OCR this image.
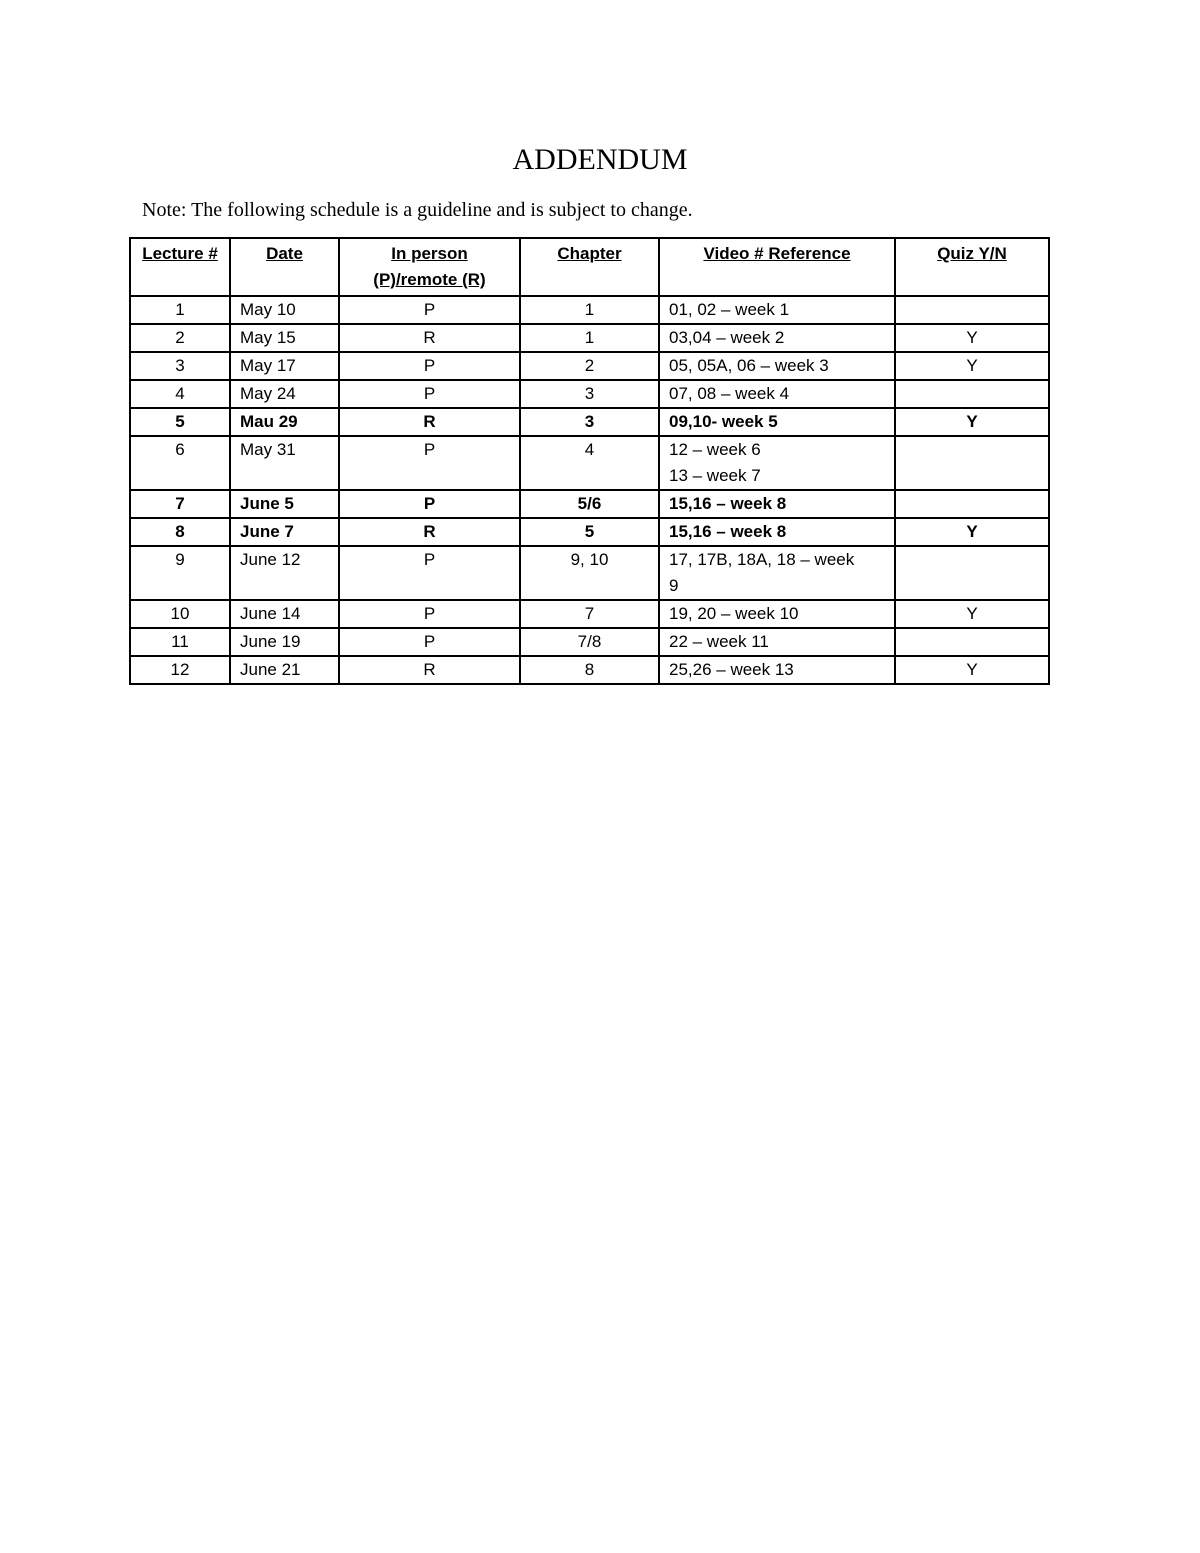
ADDENDUM
Note: The following schedule is a guideline and is subject to change.
Lecture #	Date	In person (P)/remote (R)	Chapter	Video # Reference	Quiz Y/N
1	May 10	P	1	01, 02 – week 1	

2	May 15	R	1	03,04 – week 2	Y
3	May 17	P	2	05, 05A, 06 – week 3	Y
4	May 24	P	3	07, 08 – week 4	

5	Mau 29	R	3	09,10- week 5	Y
6	May 31	P	4	12 – week 6
13 – week 7	

7	June 5	P	5/6	15,16 – week 8	

8	June 7	R	5	15,16 – week 8	Y
9	June 12	P	9, 10	17, 17B, 18A, 18 – week
9	

10	June 14	P	7	19, 20 – week 10	Y
11	June 19	P	7/8	22 – week 11	

12	June 21	R	8	25,26 – week 13	Y
